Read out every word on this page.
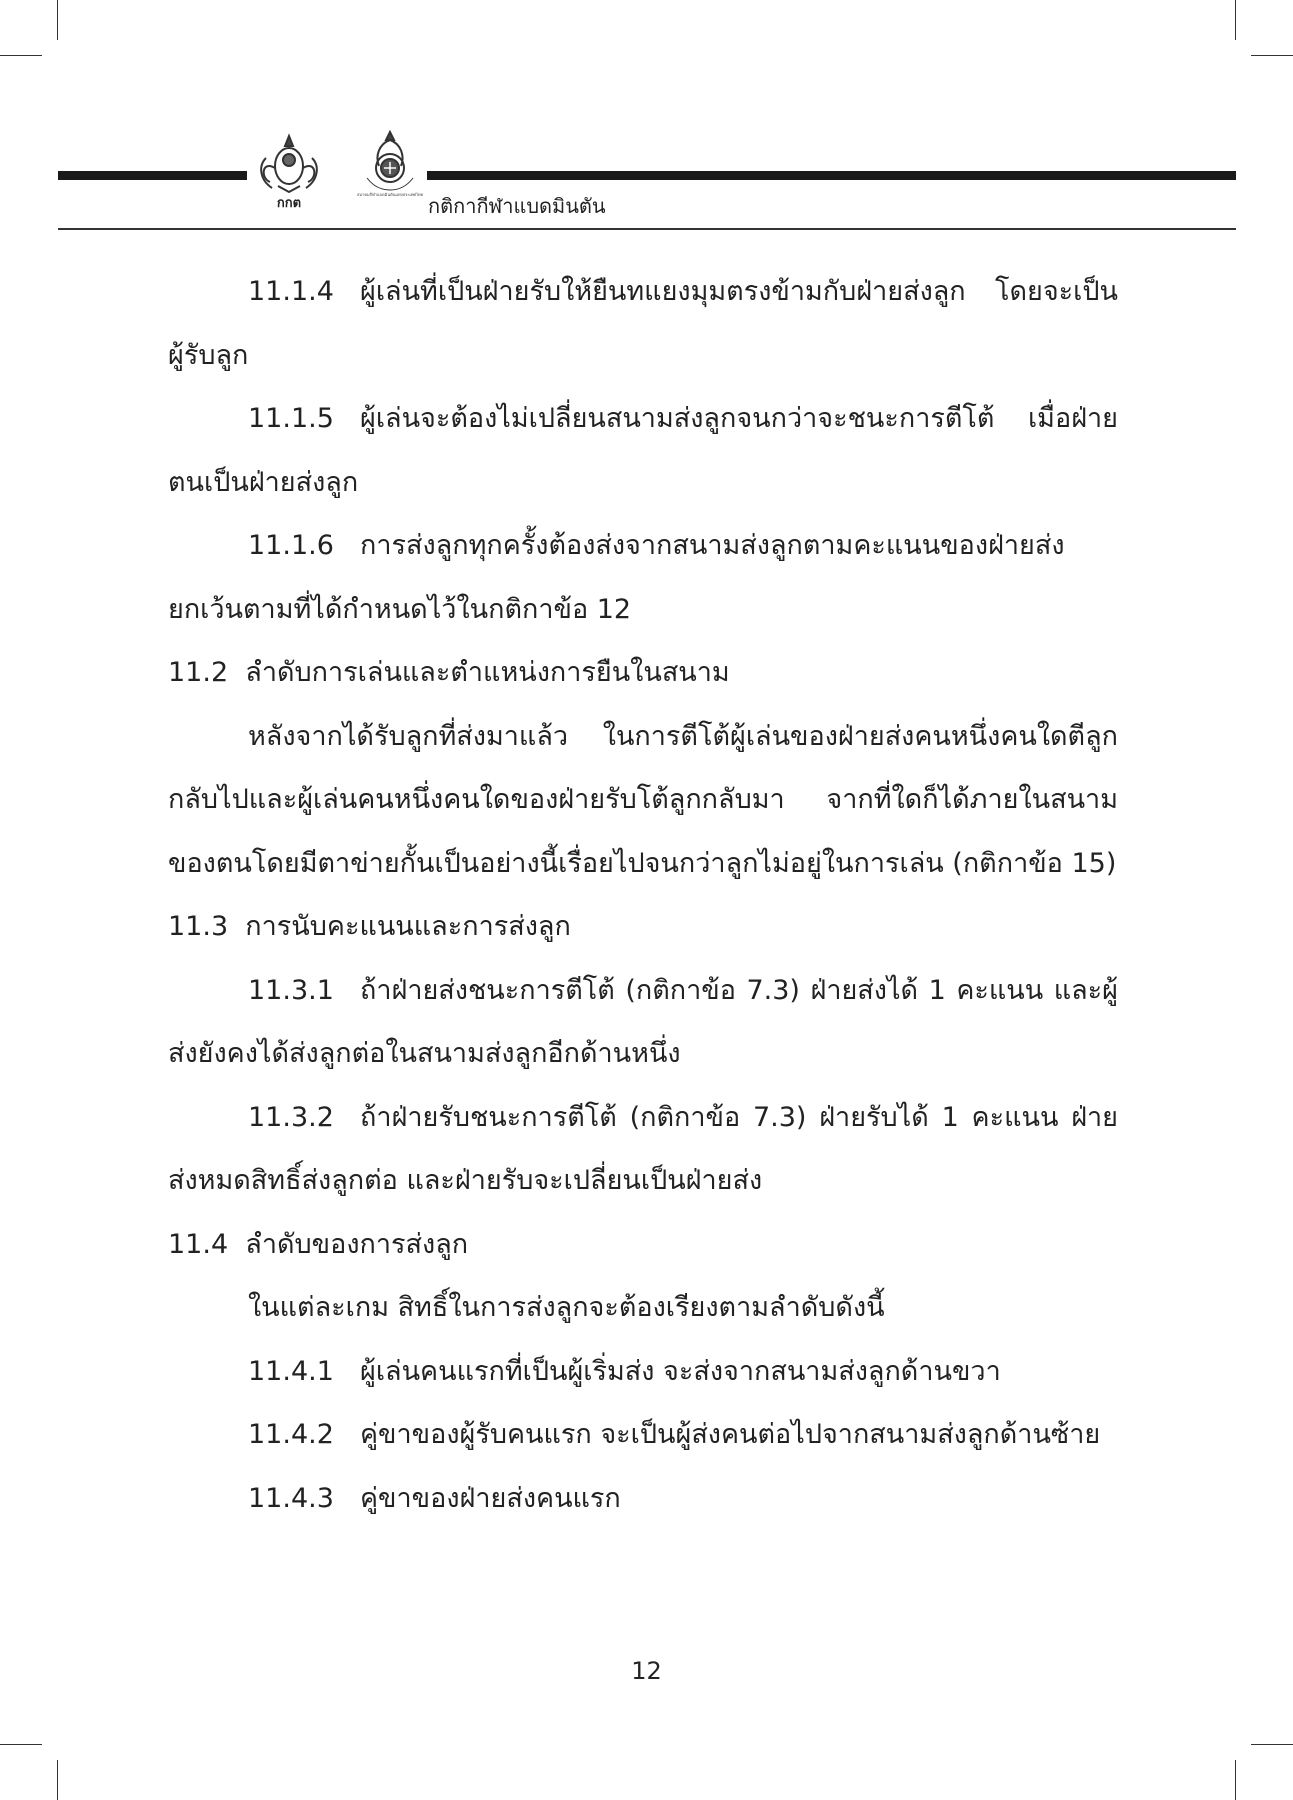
กกต
สมาคมกีฬาแบดมินตันแห่งประเทศไทย กติกากีฬาแบดมินตัน

11.1.4 ผู้เล่นที่เป็นฝ่ายรับให้ยืนทแยงมุมตรงข้ามกับฝ่ายส่งลูก โดยจะเป็นผู้รับลูก

11.1.5 ผู้เล่นจะต้องไม่เปลี่ยนสนามส่งลูกจนกว่าจะชนะการตีโต้ เมื่อฝ่ายตนเป็นฝ่ายส่งลูก

11.1.6 การส่งลูกทุกครั้งต้องส่งจากสนามส่งลูกตามคะแนนของฝ่ายส่ง ยกเว้นตามที่ได้กำหนดไว้ในกติกาข้อ 12

11.2  ลำดับการเล่นและตำแหน่งการยืนในสนาม

หลังจากได้รับลูกที่ส่งมาแล้ว ในการตีโต้ผู้เล่นของฝ่ายส่งคนหนึ่งคนใดตีลูกกลับไปและผู้เล่นคนหนึ่งคนใดของฝ่ายรับโต้ลูกกลับมา จากที่ใดก็ได้ภายในสนามของตนโดยมีตาข่ายกั้นเป็นอย่างนี้เรื่อยไปจนกว่าลูกไม่อยู่ในการเล่น (กติกาข้อ 15)

11.3  การนับคะแนนและการส่งลูก

11.3.1 ถ้าฝ่ายส่งชนะการตีโต้ (กติกาข้อ 7.3) ฝ่ายส่งได้ 1 คะแนน และผู้ส่งยังคงได้ส่งลูกต่อในสนามส่งลูกอีกด้านหนึ่ง

11.3.2 ถ้าฝ่ายรับชนะการตีโต้ (กติกาข้อ 7.3) ฝ่ายรับได้ 1 คะแนน ฝ่ายส่งหมดสิทธิ์ส่งลูกต่อ และฝ่ายรับจะเปลี่ยนเป็นฝ่ายส่ง

11.4  ลำดับของการส่งลูก

ในแต่ละเกม สิทธิ์ในการส่งลูกจะต้องเรียงตามลำดับดังนี้

11.4.1 ผู้เล่นคนแรกที่เป็นผู้เริ่มส่ง จะส่งจากสนามส่งลูกด้านขวา

11.4.2 คู่ขาของผู้รับคนแรก จะเป็นผู้ส่งคนต่อไปจากสนามส่งลูกด้านซ้าย

11.4.3 คู่ขาของฝ่ายส่งคนแรก

12
